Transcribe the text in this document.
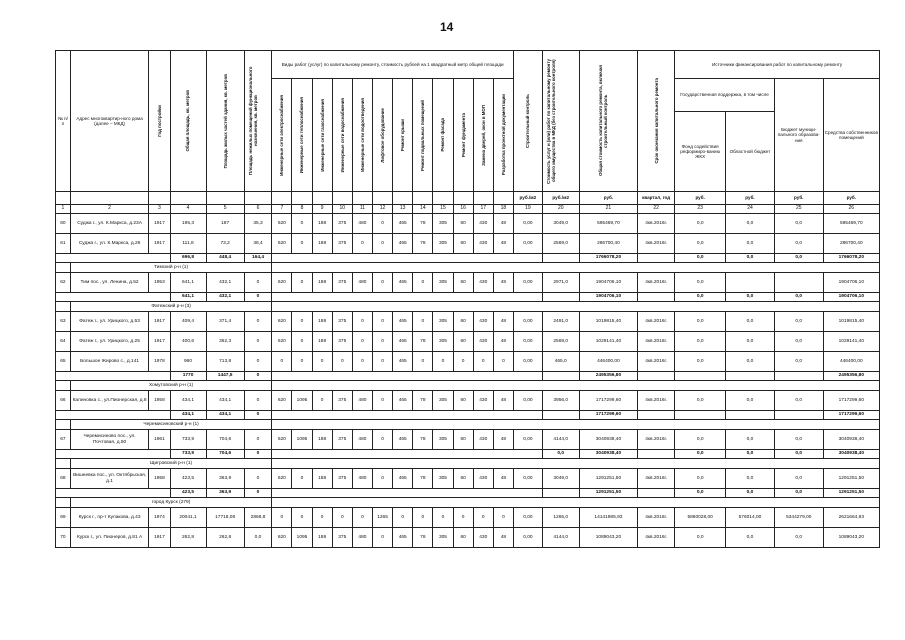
14
№ п/п	Адрес многоквартир-ного дома (далее – МКД)	Год постройки	Общая площадь, кв. метров	Площадь жилых частей здания, кв. метров	Площадь нежилых помещений функционального назначения, кв. метров	Виды работ (услуг) по капитальному ремонту, стоимость рублей на 1 квадратный метр общей площади												Строительный контроль	Стоимость услуг и (или) работ по капитальному ремонту общего имущества в МКД (без строительного контроля)	Общая стоимость капитального ремонта, включая строительный контроль	Срок окончания капитального ремонта	Источники финансирования работ по капитальному ремонту			

						Инженерные сети электроснабжения	Инженерные сети теплоснабжения	Инженерные сети газоснабжения	Инженерные сети водоснабжения	Инженерные сети водоотведения	Лифтовое оборудование	Ремонт крыши	Ремонт подвальных помещений	Ремонт фасада	Ремонт фундамента	Замена дверей, окон в МОП	Разработка проектной документации					Государственная поддержка, в том числе		Бюджет муници-пального образова-ния	Средства собственников помещений
																						Фонд содействия реформиро-ванию ЖКХ	Областной бюджет		
																		руб./м2	руб./м2	руб.	квартал, год	руб.	руб.	руб.	руб.
1	2	3	4	5	6	7	8	9	10	11	12	13	14	15	16	17	18	19	20	21	22	23	24	25	26
60	Суджа г., ул. К.Маркса, д.23А	1917	195,3	187	35,3	620	0	188	375	480	0	465	78	305	60	430	48	0,00	3049,0	595469,70	4кв.2016г.	0,0	0,0	0,0	595469,70
61	Суджа г., ул. К.Маркса, д.26	1917	111,8	73,2	38,4	620	0	188	375	0	0	465	78	305	60	430	48	0,00	2569,0	286700,40	4кв.2016г.	0,0	0,0	0,0	286700,40
			696,8	448,4	164,4															1766078,20		0,0	0,0	0,0	1766078,20
	Тимский р-н (1)																								
62	Тим пос., ул. Ленина, д.52	1953	641,1	432,1	0	620	0	188	375	480	0	465	0	305	60	430	48	0,00	2971,0	1904706,10	4кв.2016г.	0,0			1904706,10
			641,1	432,1	0															1904706,10		0,0	0,0	0,0	1904706,10
	Фатежский р-н (3)																								
63	Фатеж г., ул. Урицкого, д.53	1917	409,4	371,4	0	620	0	188	375	0	0	465	0	305	60	430	48	0,00	2491,0	1019815,40	4кв.2016г.	0,0	0,0	0,0	1019815,40
64	Фатеж г., ул. Урицкого, д.25	1917	400,6	362,3	0	620	0	188	375	0	0	465	78	305	60	430	48	0,00	2569,0	1029141,40	4кв.2016г.	0,0	0,0	0,0	1029141,40
65	Большое Жирово с., д.141	1978	960	713,8	0	0	0	0	0	0	0	465	0	0	0	0	0	0,00	465,0	446400,00	4кв.2016г.	0,0	0,0	0,0	446400,00
			1770	1447,5	0															2495356,80					2495356,80
	Хомутовский р-н (1)																								
66	Калиновка с., ул.Пионерская, д.8	1958	434,1	434,1	0	620	1095	0	375	480	0	465	78	305	60	430	48	0,00	3956,0	1717299,60	4кв.2016г.	0,0	0,0	0,0	1717299,60
			434,1	434,1	0															1717299,60					1717299,60
	Черемисиновский р-н (1)																								
67	Черемисиново пос., ул. Почтовая, д.50	1961	733,9	704,6	0	620	1095	188	375	480	0	465	78	305	60	430	48	0,00	4144,0	3040938,40	4кв.2016г.	0,0	0,0	0,0	3040938,40
			733,9	704,6	0														0,0	3040938,40		0,0	0,0	0,0	3040938,40
	Щигровский р-н (1)																								
68	Вишневка пос., ул. Октябрьская, д.1	1958	423,5	363,9	0	620	0	188	375	480	0	465	78	305	60	430	48	0,00	3049,0	1291251,50	4кв.2016г.	0,0	0,0	0,0	1291251,50
			423,5	363,9	0															1291251,50		0,0	0,0	0,0	1291251,50
	город Курск (279)																								
69	Курск г., пр-т Кулакова, д.43	1974	20041,1	17718,08	2868,8	0	0	0	0	0	1265	0	0	0	0	0	0	0,00	1265,0	14141985,93	4кв.2016г.	5860028,00	576014,00	5344279,00	2621664,93
70	Курск г., ул. Пионеров, д.81 А	1917	262,8	262,8	0,0	620	1095	188	375	480	0	465	78	305	60	430	48	0,00	4144,0	1089043,20	4кв.2016г.	0,0	0,0	0,0	1089043,20
